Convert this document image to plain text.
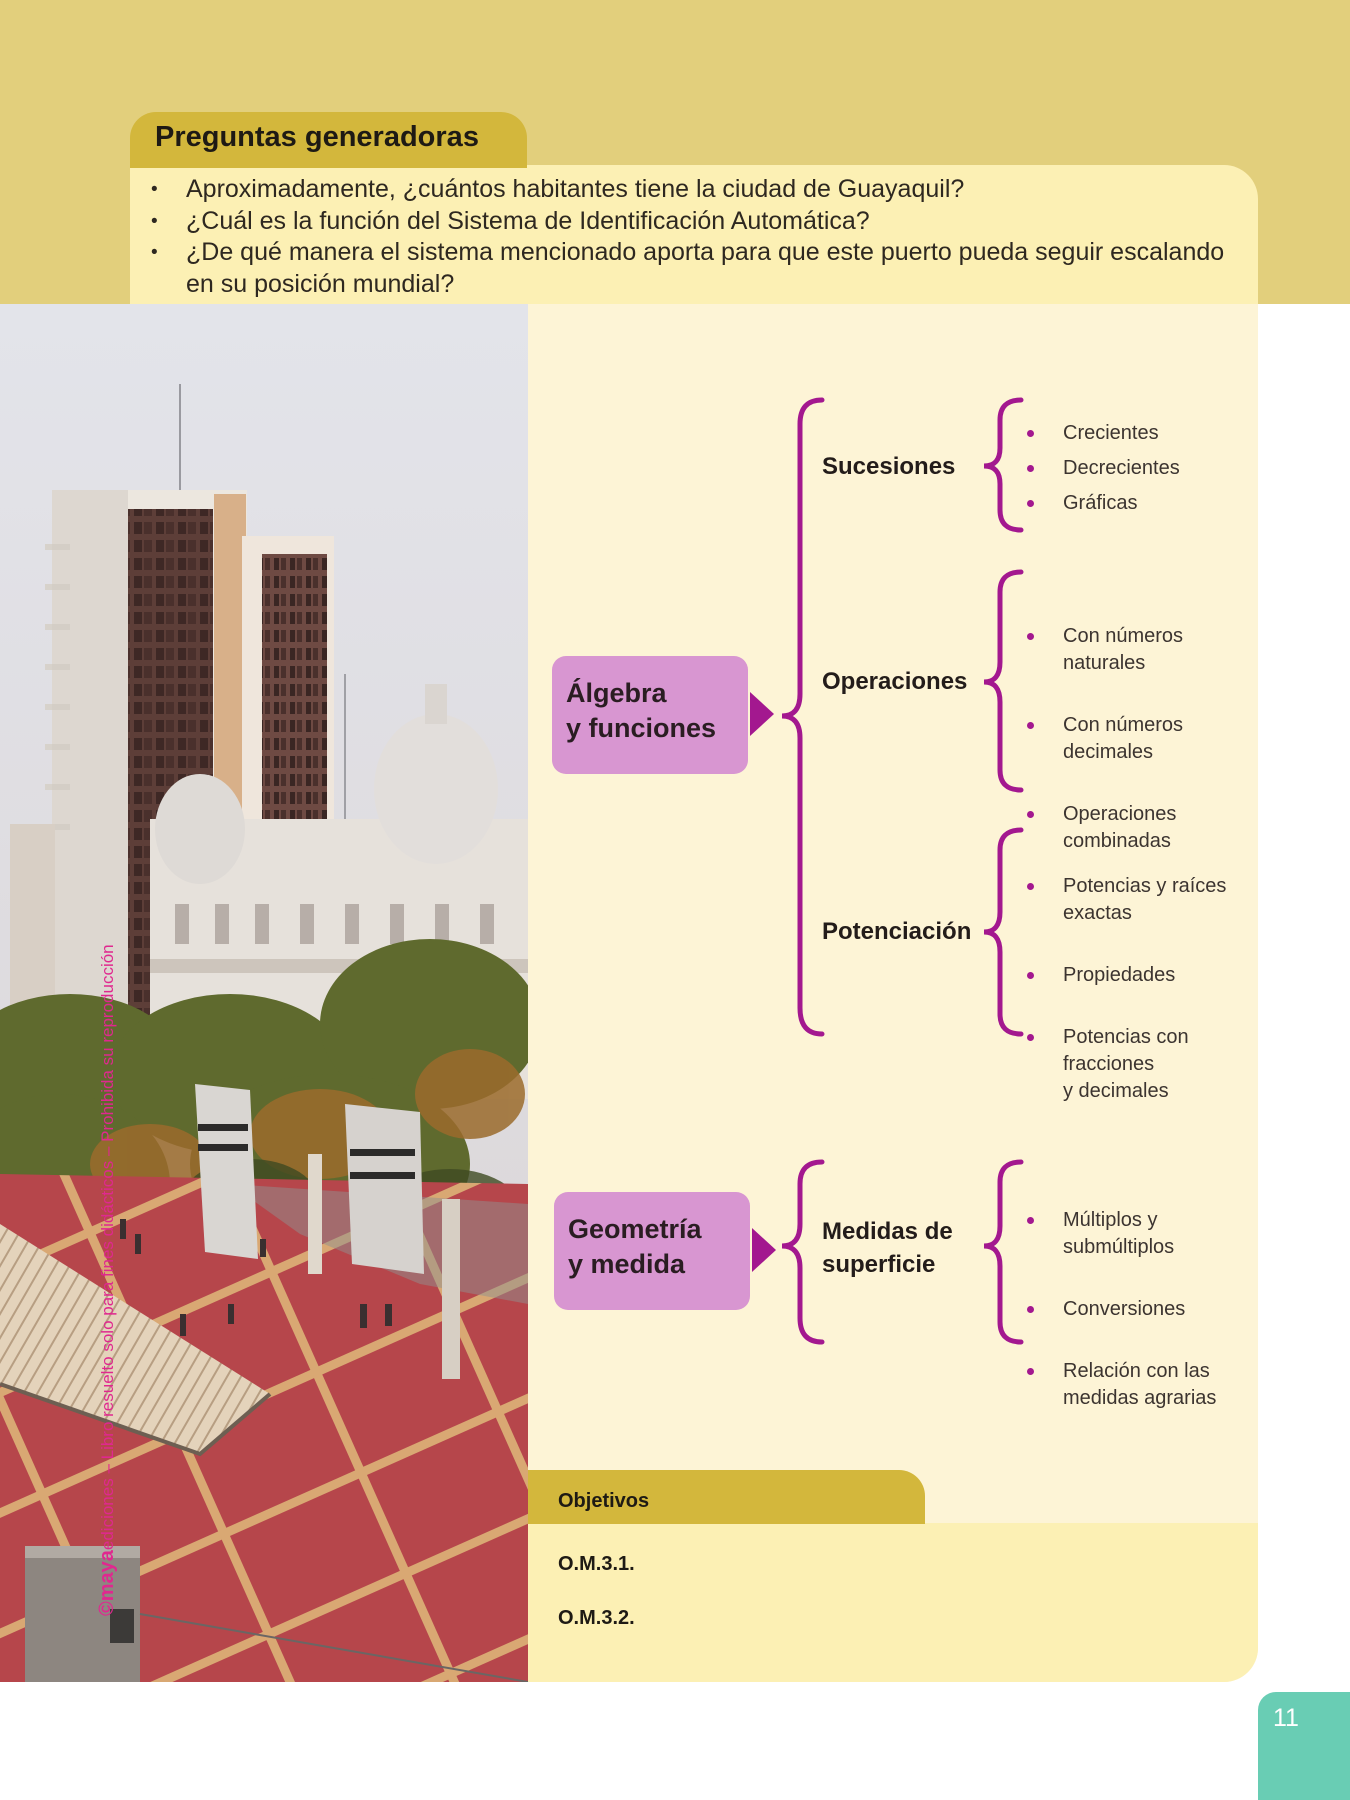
Preguntas generadoras
• Aproximadamente, ¿cuántos habitantes tiene la ciudad de Guayaquil?
• ¿Cuál es la función del Sistema de Identificación Automática?
• ¿De qué manera el sistema mencionado aporta para que este puerto pueda seguir escalando en su posición mundial?
©mayaediciones – Libro resuelto solo para fines didácticos – Prohibida su reproducción
Álgebra
y funciones
Sucesiones
Crecientes
Decrecientes
Gráficas
Operaciones

Con números
naturales

Con números
decimales

Operaciones
combinadas

Potenciación

Potencias y raíces
exactas

Propiedades

Potencias con
fracciones
y decimales

Geometría
y medida
Medidas de
superficie

Múltiplos y
submúltiplos

Conversiones

Relación con las
medidas agrarias

Objetivos
O.M.3.1.
O.M.3.2.
11
